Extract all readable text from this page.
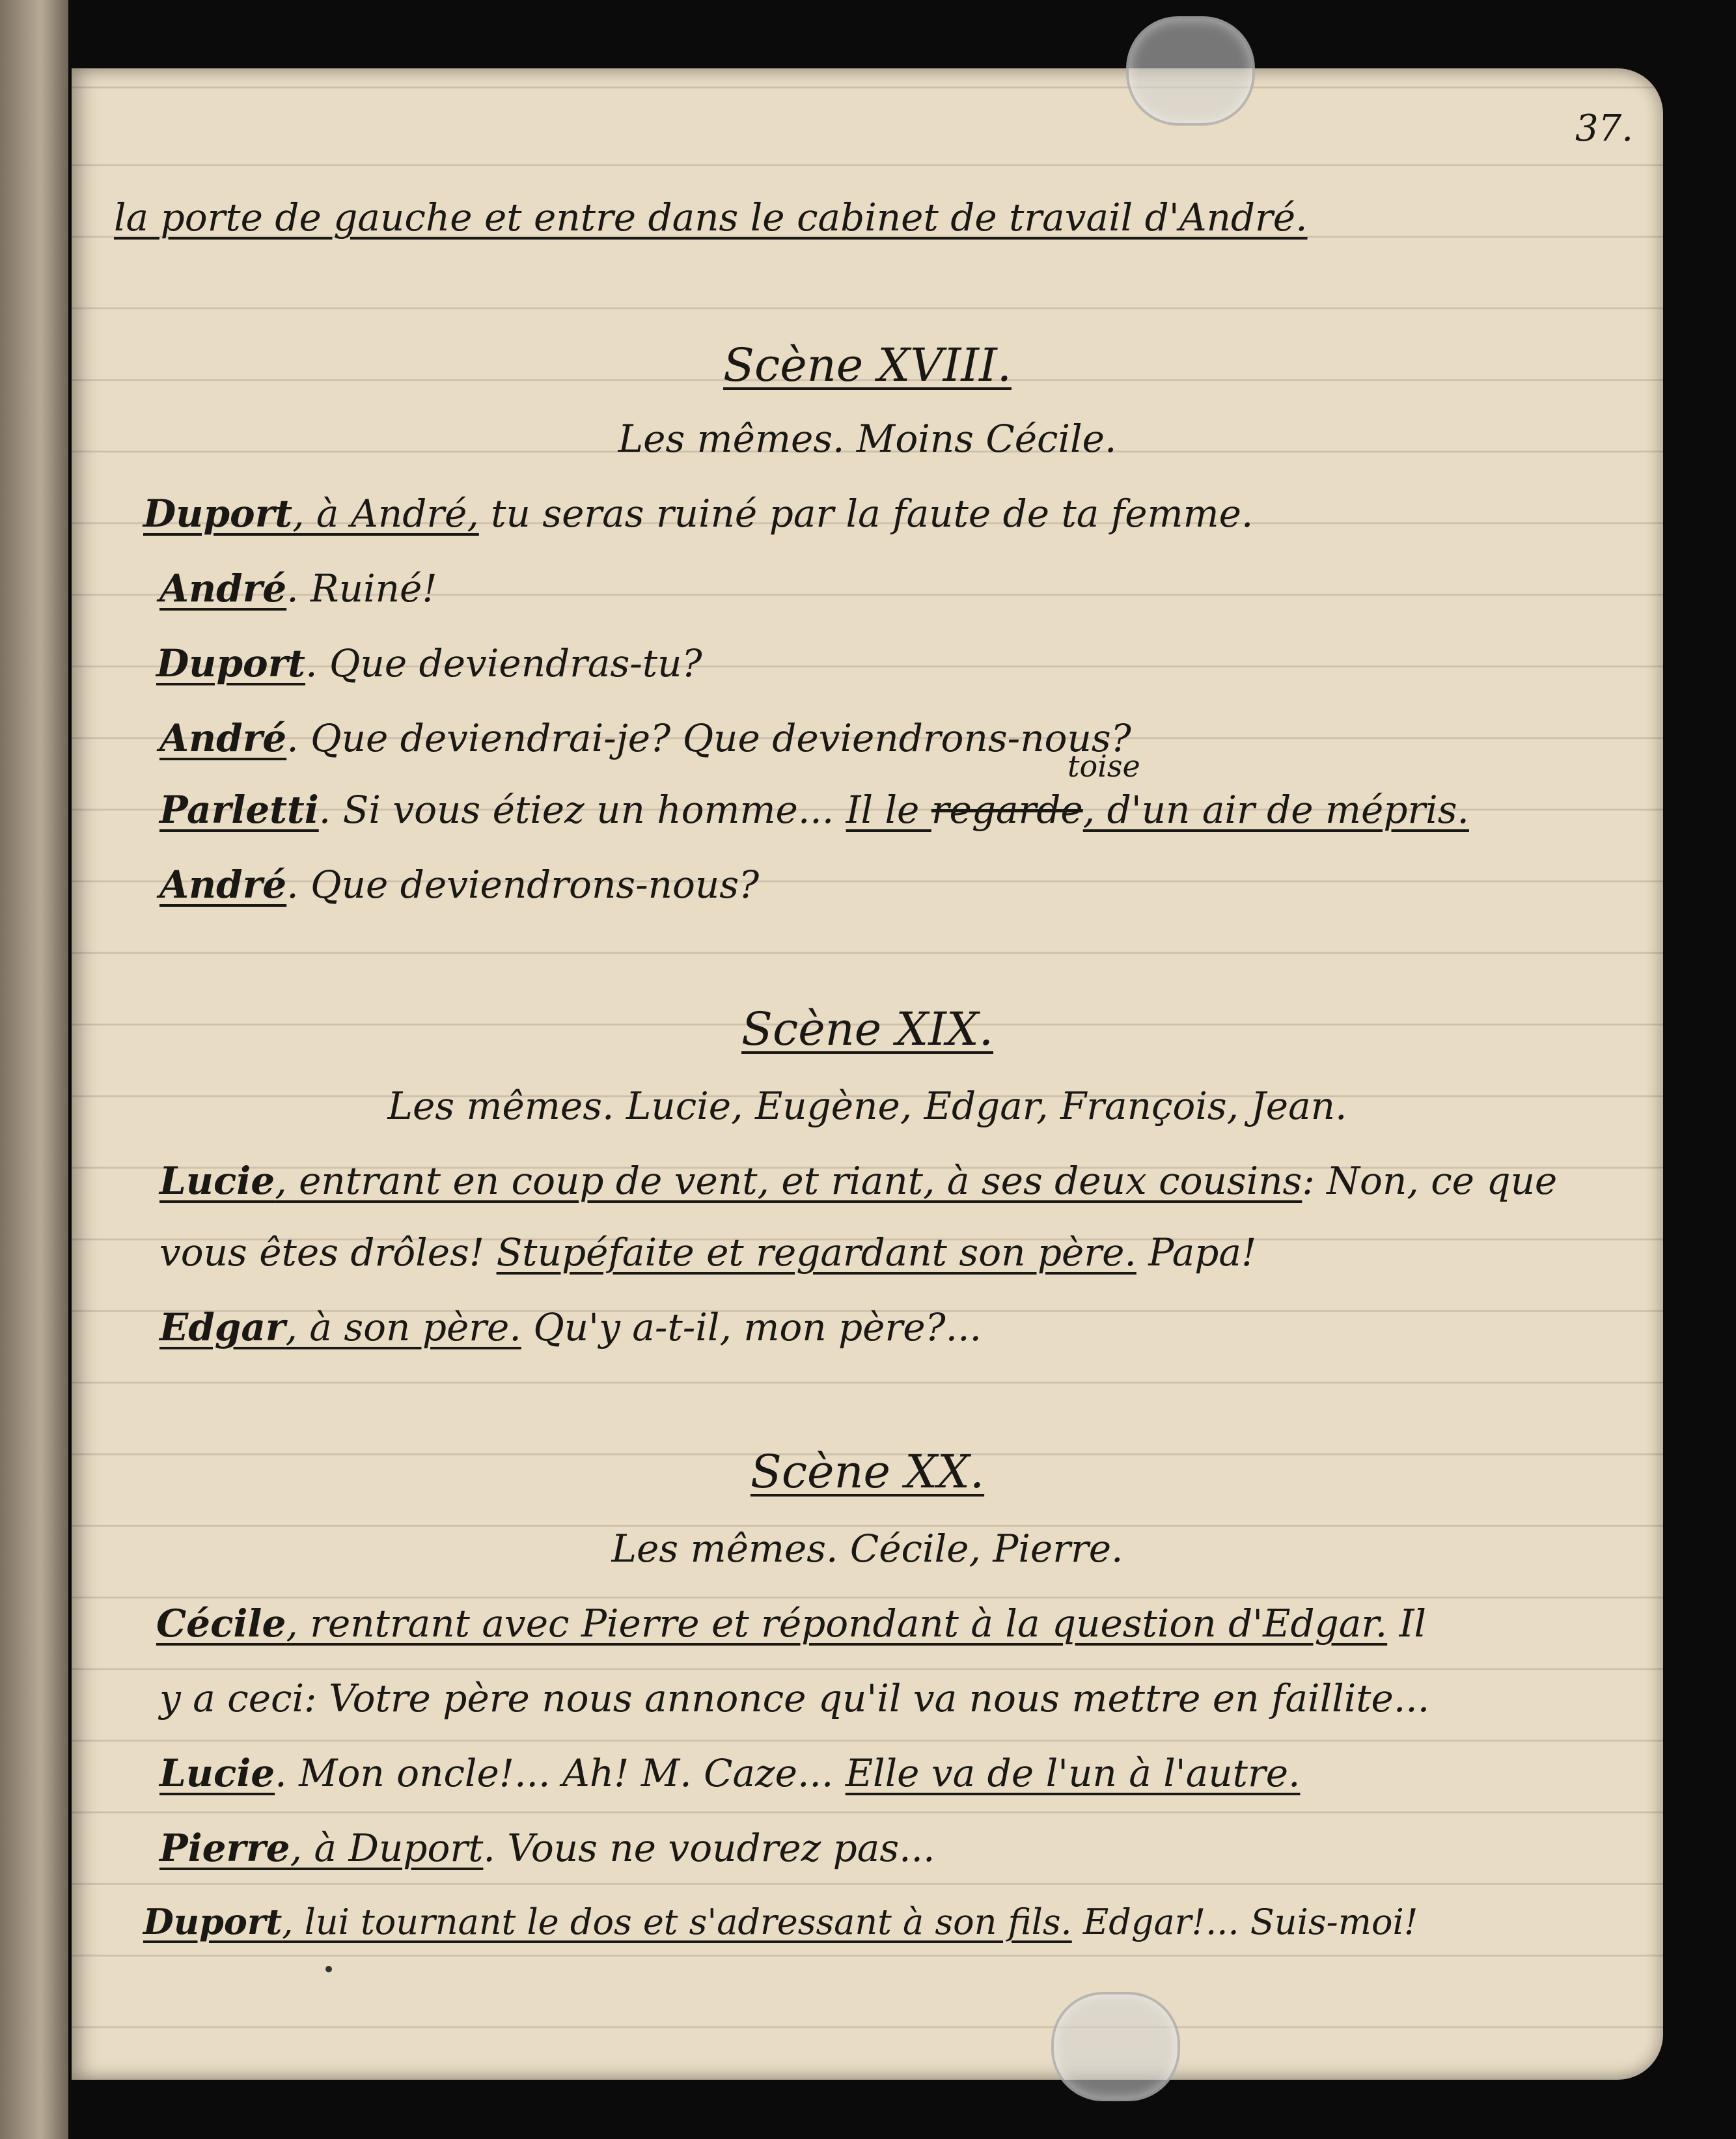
37.
la porte de gauche et entre dans le cabinet de travail d'André.
Scène XVIII.
Les mêmes. Moins Cécile.
Duport, à André, tu seras ruiné par la faute de ta femme.
André. Ruiné!
Duport. Que deviendras-tu?
André. Que deviendrai-je? Que deviendrons-nous?
Parletti. Si vous étiez un homme... Il le regarde, d'un air de mépris.
toise
André. Que deviendrons-nous?
Scène XIX.
Les mêmes. Lucie, Eugène, Edgar, François, Jean.
Lucie, entrant en coup de vent, et riant, à ses deux cousins: Non, ce que
vous êtes drôles! Stupéfaite et regardant son père. Papa!
Edgar, à son père. Qu'y a-t-il, mon père?...
Scène XX.
Les mêmes. Cécile, Pierre.
Cécile, rentrant avec Pierre et répondant à la question d'Edgar. Il
y a ceci: Votre père nous annonce qu'il va nous mettre en faillite...
Lucie. Mon oncle!... Ah! M. Caze... Elle va de l'un à l'autre.
Pierre, à Duport. Vous ne voudrez pas...
Duport, lui tournant le dos et s'adressant à son fils. Edgar!... Suis-moi!
